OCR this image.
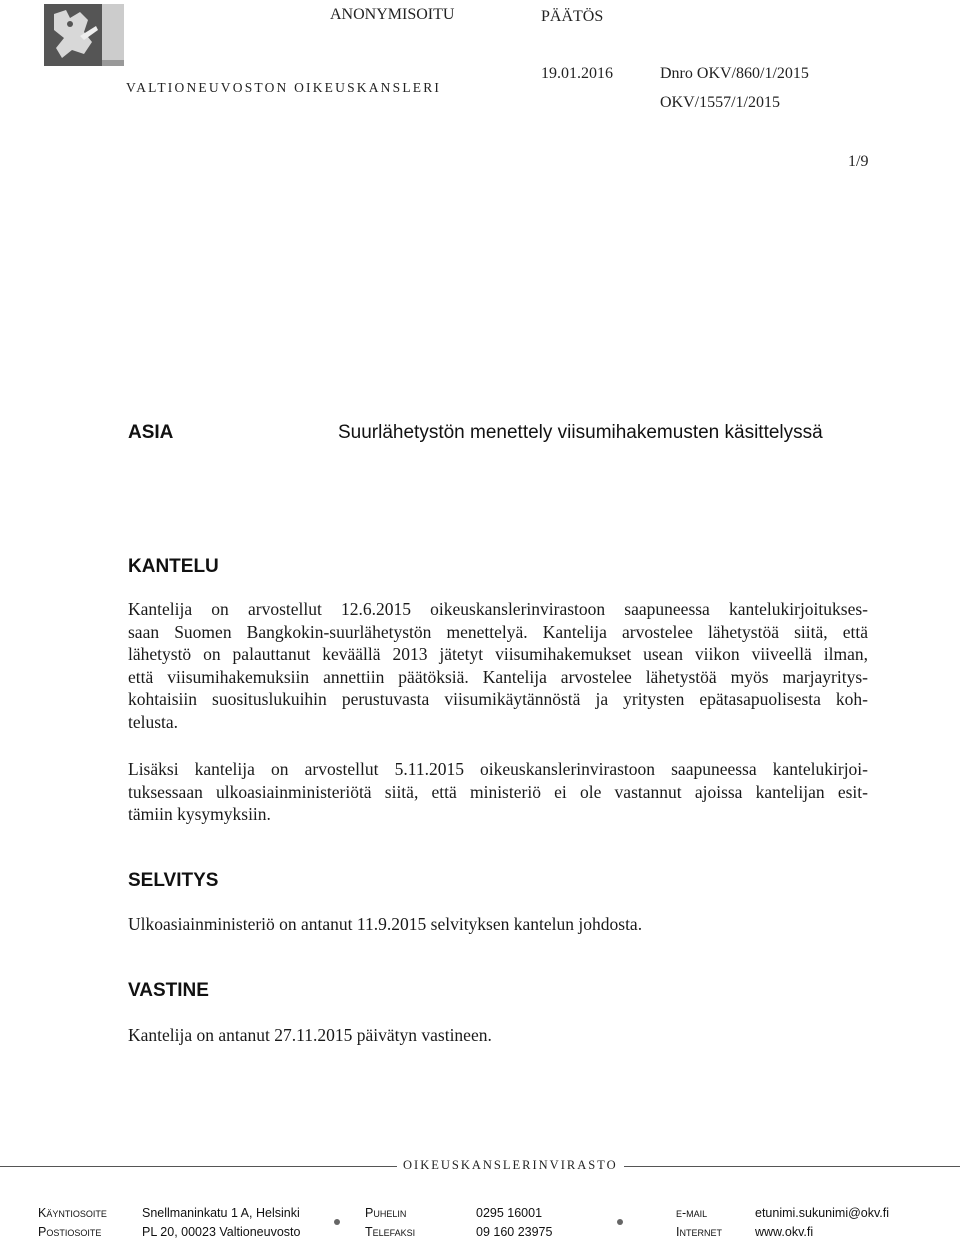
VALTIONEUVOSTON OIKEUSKANSLERI
ANONYMISOITU	PÄÄTÖS
19.01.2016	Dnro OKV/860/1/2015
OKV/1557/1/2015
1/9
ASIA	Suurlähetystön menettely viisumihakemusten käsittelyssä
KANTELU
Kantelija on arvostellut 12.6.2015 oikeuskanslerinvirastoon saapuneessa kantelukirjoitukses-
saan Suomen Bangkokin-suurlähetystön menettelyä. Kantelija arvostelee lähetystöä siitä, että
lähetystö on palauttanut keväällä 2013 jätetyt viisumihakemukset usean viikon viiveellä ilman,
että viisumihakemuksiin annettiin päätöksiä. Kantelija arvostelee lähetystöä myös marjayritys-
kohtaisiin suosituslukuihin perustuvasta viisumikäytännöstä ja yritysten epätasapuolisesta koh-
telusta.
Lisäksi kantelija on arvostellut 5.11.2015 oikeuskanslerinvirastoon saapuneessa kantelukirjoi-
tuksessaan ulkoasiainministeriötä siitä, että ministeriö ei ole vastannut ajoissa kantelijan esit-
tämiin kysymyksiin.
SELVITYS
Ulkoasiainministeriö on antanut 11.9.2015 selvityksen kantelun johdosta.
VASTINE
Kantelija on antanut 27.11.2015 päivätyn vastineen.
OIKEUSKANSLERINVIRASTO
Käyntiosoite	Snellmaninkatu 1 A, Helsinki
Postiosoite	PL 20, 00023 Valtioneuvosto
Puhelin	0295 16001
Telefaksi	09 160 23975
e-mail	etunimi.sukunimi@okv.fi
Internet	www.okv.fi
